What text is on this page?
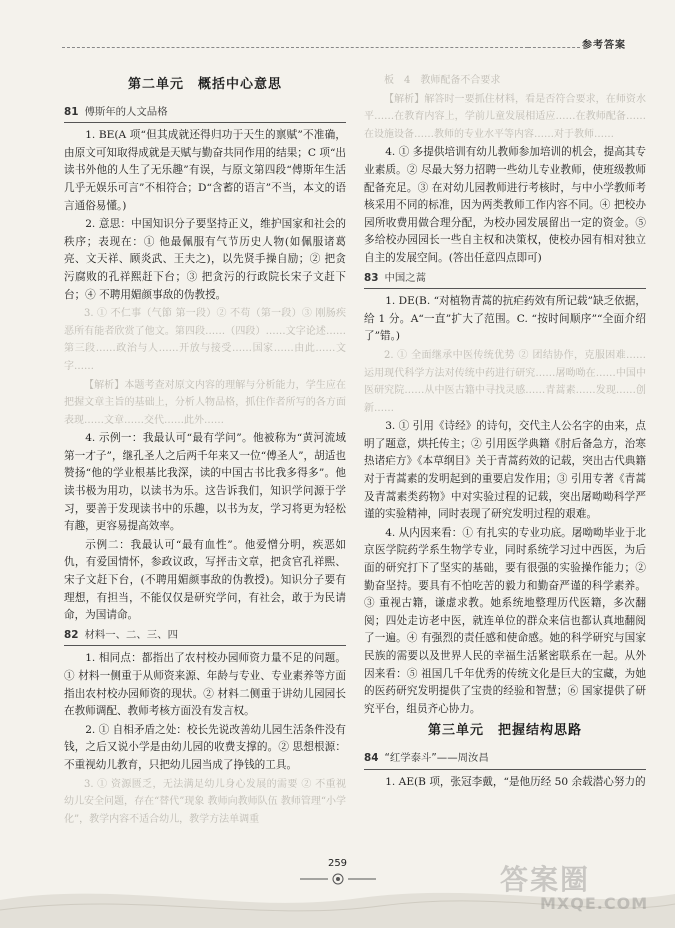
参考答案
第二单元　概括中心意思
81 傅斯年的人文品格

1. BE(A 项“但其成就还得归功于天生的禀赋”不准确，由原文可知取得成就是天赋与勤奋共同作用的结果；C 项“出读书外他的人生了无乐趣”有误，与原文第四段“傅斯年生活几乎无娱乐可言”不相符合；D“含蓄的语言”不当，本文的语言通俗易懂。)

2. 意思：中国知识分子要坚持正义，维护国家和社会的秩序；表现在：① 他最佩服有气节历史人物(如佩服诸葛亮、文天祥、顾炎武、王夫之)，以先贤手操自励；② 把贪污腐败的孔祥熙赶下台；③ 把贪污的行政院长宋子文赶下台；④ 不聘用媚颜事敌的伪教授。

3. ① 不仁事（气節 第一段）② 不苟（第一段）③ 刚肠疾恶所有能者欣赏了他文。第四段……（四段）……文字论述……第三段……政治与人……开放与接受……国家……由此……文字……

【解析】本题考查对原文内容的理解与分析能力，学生应在把握文章主旨的基础上，分析人物品格，抓住作者所写的各方面表现……文章……交代……此外……

4. 示例一：我最认可“最有学问”。他被称为“黄河流域第一才子”，继孔圣人之后两千年来又一位“傅圣人”，胡适也赞扬“他的学业根基比我深，读的中国古书比我多得多”。他读书极为用功，以读书为乐。这告诉我们，知识学问源于学习，要善于发现读书中的乐趣，以书为友，学习将更为轻松有趣，更容易提高效率。

示例二：我最认可“最有血性”。他爱憎分明，疾恶如仇，有爱国情怀，参政议政，写抨击文章，把贪官孔祥熙、宋子文赶下台，(不聘用媚颜事敌的伪教授)。知识分子要有理想，有担当，不能仅仅是研究学问，有社会，敢于为民请命，为国请命。

82 材料一、二、三、四

1. 相同点：都指出了农村校办园师资力量不足的问题。① 材料一侧重于从师资来源、年龄与专业、专业素养等方面指出农村校办园师资的现状。② 材料二侧重于讲幼儿园园长在教师调配、教师考核方面没有发言权。

2. ① 自相矛盾之处：校长先说改善幼儿园生活条件没有钱，之后又说小学是由幼儿园的收费支撑的。② 思想根源：不重视幼儿教育，只把幼儿园当成了挣钱的工具。

3. ① 资源匮乏，无法满足幼儿身心发展的需要 ② 不重视幼儿安全问题，存在“替代”现象 教师向教师队伍 教师管理“小学化”，教学内容不适合幼儿，教学方法单调重

板　4　教师配备不合要求

【解析】解答时一要抓住材料，看是否符合要求，在师资水平……在教育内容上，学前儿童发展相适应……在教师配备……在设施设备……教师的专业水平等内容……对于教师……

4. ① 多提供培训有幼儿教师参加培训的机会，提高其专业素质。② 尽最大努力招聘一些幼儿专业教师，使班级教师配备充足。③ 在对幼儿园教师进行考核时，与中小学教师考核采用不同的标准，因为两类教师工作内容不同。④ 把校办园所收费用做合理分配，为校办园发展留出一定的资金。⑤ 多给校办园园长一些自主权和决策权，使校办园有相对独立自主的发展空间。(答出任意四点即可)

83 中国之蒿

1. DE(B. “对植物青蒿的抗疟药效有所记载”缺乏依据，给 1 分。A“一直”扩大了范围。C. “按时间顺序”“全面介绍了”错。)

2. ① 全面继承中医传统优势 ② 团结协作，克服困难……运用现代科学方法对传统中药进行研究……屠呦呦在……中国中医研究院……从中医古籍中寻找灵感……青蒿素……发现……创新……

3. ① 引用《诗经》的诗句，交代主人公名字的由来，点明了题意，烘托传主；② 引用医学典籍《肘后备急方，治寒热诸疟方》《本草纲目》关于青蒿药效的记载，突出古代典籍对于青蒿素的发明起到的重要启发作用；③ 引用专著《青蒿及青蒿素类药物》中对实验过程的记载，突出屠呦呦科学严谨的实验精神，同时表现了研究发明过程的艰难。

4. 从内因来看：① 有扎实的专业功底。屠呦呦毕业于北京医学院药学系生物学专业，同时系统学习过中西医，为后面的研究打下了坚实的基础，要有很强的实验操作能力；② 勤奋坚持。要具有不怕吃苦的毅力和勤奋严谨的科学素养。③ 重视古籍，谦虚求教。她系统地整理历代医籍，多次翻阅；四处走访老中医，就连单位的群众来信也都认真地翻阅了一遍。④ 有强烈的责任感和使命感。她的科学研究与国家民族的需要以及世界人民的幸福生活紧密联系在一起。从外因来看：⑤ 祖国几千年优秀的传统文化是巨大的宝藏，为她的医药研究发明提供了宝贵的经验和智慧；⑥ 国家提供了研究平台，组员齐心协力。

第三单元　把握结构思路
84 “红学泰斗”——周汝昌

1. AE(B 项，张冠李戴，“是他历经 50 余载潜心努力的

259	答案圈
MXQE.COM
